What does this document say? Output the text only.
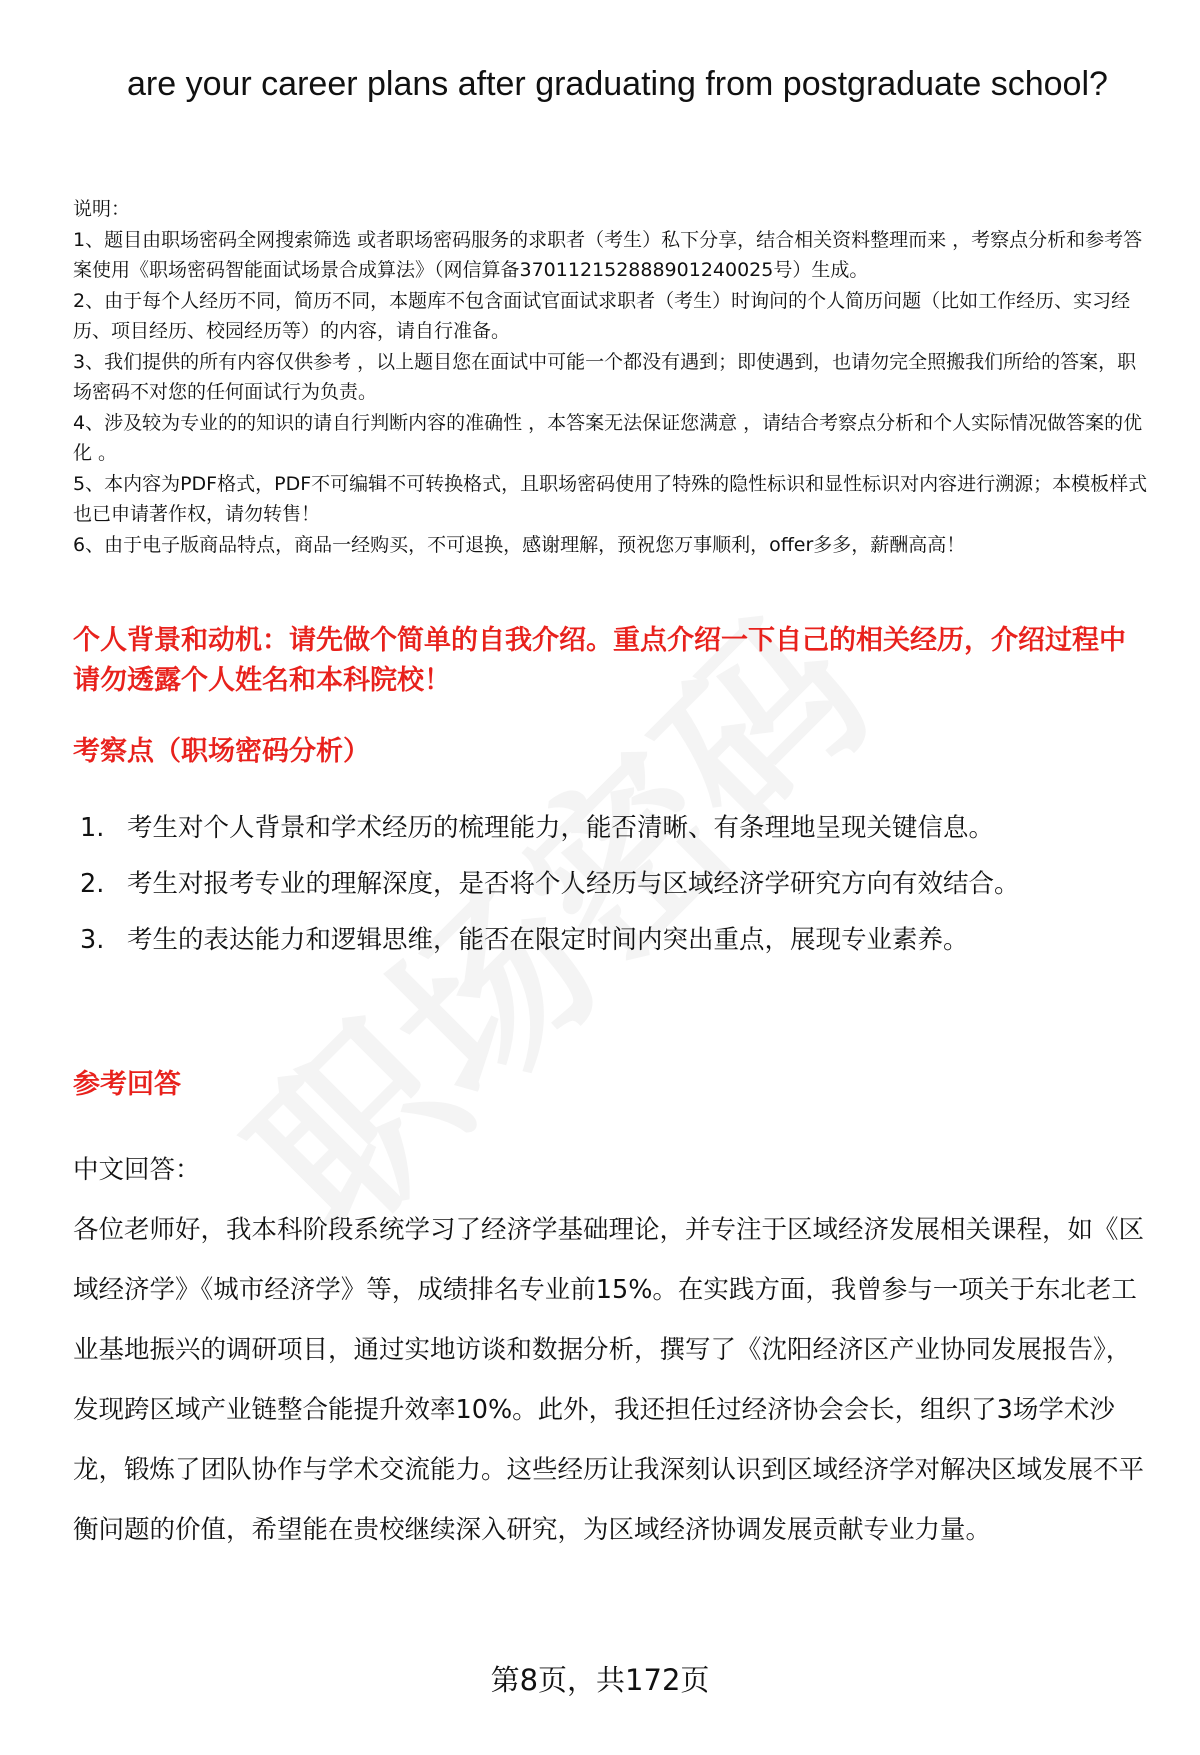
are your career plans after graduating from postgraduate school?
说明：
1、题目由职场密码全网搜索筛选 或者职场密码服务的求职者（考生）私下分享，结合相关资料整理而来 ，考察点分析和参考答案使用《职场密码智能面试场景合成算法》（网信算备370112152888901240025号）生成。
2、由于每个人经历不同，简历不同，本题库不包含面试官面试求职者（考生）时询问的个人简历问题（比如工作经历、实习经历、项目经历、校园经历等）的内容，请自行准备。
3、我们提供的所有内容仅供参考 ，以上题目您在面试中可能一个都没有遇到；即使遇到，也请勿完全照搬我们所给的答案，职场密码不对您的任何面试行为负责。
4、涉及较为专业的的知识的请自行判断内容的准确性 ，本答案无法保证您满意 ，请结合考察点分析和个人实际情况做答案的优化 。
5、本内容为PDF格式，PDF不可编辑不可转换格式，且职场密码使用了特殊的隐性标识和显性标识对内容进行溯源；本模板样式也已申请著作权，请勿转售！
6、由于电子版商品特点，商品一经购买，不可退换，感谢理解，预祝您万事顺利，offer多多，薪酬高高！
个人背景和动机：请先做个简单的自我介绍。重点介绍一下自己的相关经历，介绍过程中请勿透露个人姓名和本科院校！
考察点（职场密码分析）
1. 考生对个人背景和学术经历的梳理能力，能否清晰、有条理地呈现关键信息。
2. 考生对报考专业的理解深度，是否将个人经历与区域经济学研究方向有效结合。
3. 考生的表达能力和逻辑思维，能否在限定时间内突出重点，展现专业素养。
参考回答
中文回答：
各位老师好，我本科阶段系统学习了经济学基础理论，并专注于区域经济发展相关课程，如《区域经济学》《城市经济学》等，成绩排名专业前15%。在实践方面，我曾参与一项关于东北老工业基地振兴的调研项目，通过实地访谈和数据分析，撰写了《沈阳经济区产业协同发展报告》，发现跨区域产业链整合能提升效率10%。此外，我还担任过经济协会会长，组织了3场学术沙龙，锻炼了团队协作与学术交流能力。这些经历让我深刻认识到区域经济学对解决区域发展不平衡问题的价值，希望能在贵校继续深入研究，为区域经济协调发展贡献专业力量。
第8页，共172页
